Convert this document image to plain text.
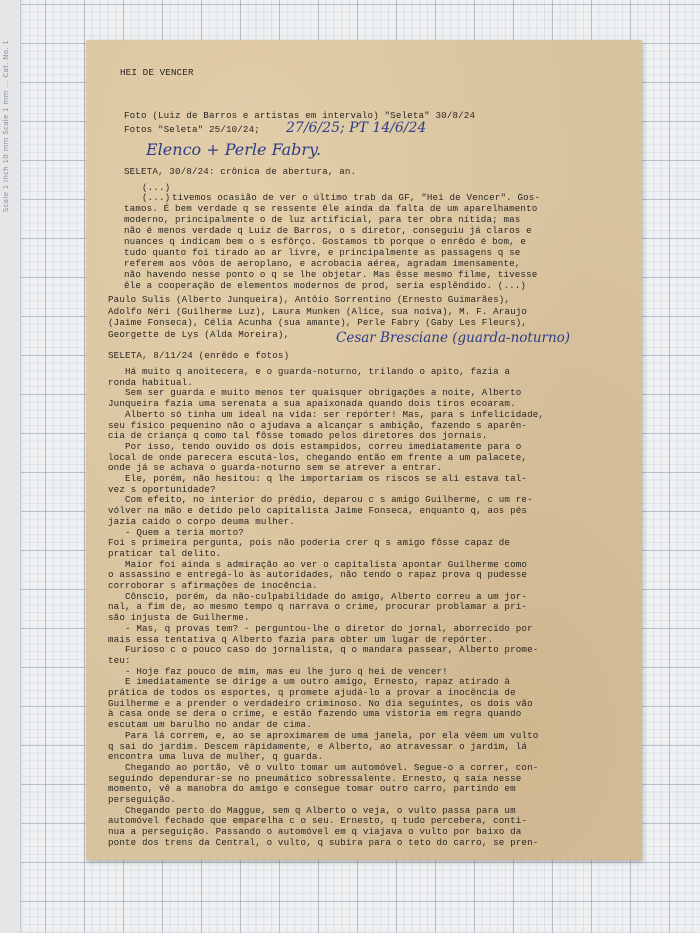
Scale 1 Inch 10 mm Scale 1 mm ... Cat. No. 1	HEI DE VENCER
Foto (Luiz de Barros e artistas em intervalo) "Seleta" 30/8/24
Fotos "Seleta" 25/10/24; 27/6/25; PT 14/6/24
Elenco + Perle Fabry.
SELETA, 30/8/24: crônica de abertura, an.
(...)
(...) tivemos ocasião de ver o último trab da GF, "Hei de Vencer". Gos-
tamos. É bem verdade q se ressente êle ainda da falta de um aparelhamento
moderno, principalmente o de luz artificial, para ter obra nítida; mas
não é menos verdade q Luiz de Barros, o s diretor, conseguiu já claros e
nuances q indicam bem o s esfôrço. Gostamos tb porque o enrêdo é bom, e
tudo quanto foi tirado ao ar livre, e principalmente as passagens q se
referem aos vôos de aeroplano, e acrobacia aérea, agradam imensamente,
não havendo nesse ponto o q se lhe objetar. Mas êsse mesmo filme, tivesse
êle a cooperação de elementos modernos de prod, seria esplêndido. (...)
Paulo Sulis (Alberto Junqueira), Antôio Sorrentino (Ernesto Guimarães),
Adolfo Néri (Guilherme Luz), Laura Munken (Alice, sua noiva), M. F. Araujo
(Jaime Fonseca), Célia Acunha (sua amante), Perle Fabry (Gaby Les Fleurs),
Georgette de Lys (Alda Moreira),	Cesar Bresciane (guarda-noturno)
SELETA, 8/11/24 (enrêdo e fotos)
Há muito q anoitecera, e o guarda-noturno, trilando o apito, fazia a
ronda habitual.
Sem ser guarda e muito menos ter quaisquer obrigações a noite, Alberto
Junqueira fazia uma serenata a sua apaixonada quando dois tiros ecoaram.
Alberto só tinha um ideal na vida: ser repórter! Mas, para s infelicidade,
seu físico pequenino não o ajudava a alcançar s ambição, fazendo s aparên-
cia de criança q como tal fôsse tomado pelos diretores dos jornais.
Por isso, tendo ouvido os dois estampidos, correu imediatamente para o
local de onde parecera escutá-los, chegando então em frente a um palacete,
onde já se achava o guarda-noturno sem se atrever a entrar.
Ele, porém, não hesitou: q lhe importariam os riscos se ali estava tal-
vez s oportunidade?
Com efeito, no interior do prédio, deparou c s amigo Guilherme, c um re-
vólver na mão e detido pelo capitalista Jaime Fonseca, enquanto q, aos pés
jazia caído o corpo deuma mulher.
- Quem a teria morto?
Foi s primeira pergunta, pois não poderia crer q s amigo fôsse capaz de
praticar tal delito.
Maior foi ainda s admiração ao ver o capitalista apontar Guilherme como
o assassino e entregá-lo às autoridades, não tendo o rapaz prova q pudesse
corroborar s afirmações de inocência.
Cônscio, porém, da não-culpabilidade do amigo, Alberto correu a um jor-
nal, a fim de, ao mesmo tempo q narrava o crime, procurar problamar a pri-
são injusta de Guilherme.
- Mas, q provas tem? - perguntou-lhe o diretor do jornal, aborrecido por
mais essa tentativa q Alberto fazia para obter um lugar de repórter.
Furioso c o pouco caso do jornalista, q o mandara passear, Alberto prome-
teu:
- Hoje faz pouco de mim, mas eu lhe juro q hei de vencer!
E imediatamente se dirige a um outro amigo, Ernesto, rapaz atirado à
prática de todos os esportes, q promete ajudá-lo a provar a inocência de
Guilherme e a prender o verdadeiro criminoso. No dia seguintes, os dois vão
à casa onde se dera o crime, e estão fazendo uma vistoria em regra quando
escutam um barulho no andar de cima.
Para lá correm, e, ao se aproximarem de uma janela, por ela vêem um vulto
q sai do jardim. Descem ràpidamente, e Alberto, ao atravessar o jardim, lá
encontra uma luva de mulher, q guarda.
Chegando ao portão, vê o vulto tomar um automóvel. Segue-o a correr, con-
seguindo dependurar-se no pneumático sobressalente. Ernesto, q saía nesse
momento, vê a manobra do amigo e consegue tomar outro carro, partindo em
perseguição.
Chegando perto do Maggue, sem q Alberto o veja, o vulto passa para um
automóvel fechado que emparelha c o seu. Ernesto, q tudo percebera, conti-
nua a perseguição. Passando o automóvel em q viajava o vulto por baixo da
ponte dos trens da Central, o vulto, q subira para o teto do carro, se pren-
